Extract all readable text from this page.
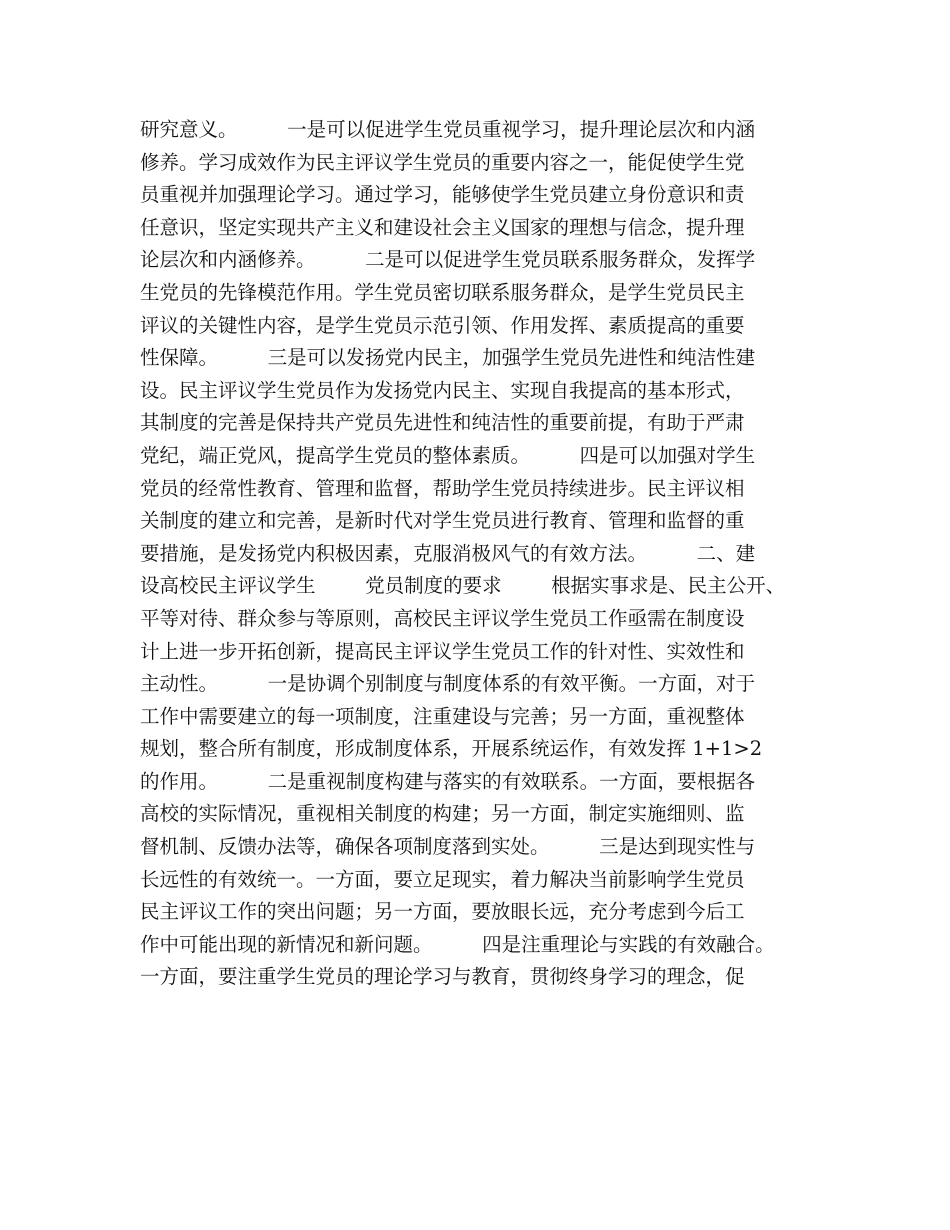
研究意义。        一是可以促进学生党员重视学习，提升理论层次和内涵
修养。学习成效作为民主评议学生党员的重要内容之一，能促使学生党
员重视并加强理论学习。通过学习，能够使学生党员建立身份意识和责
任意识，坚定实现共产主义和建设社会主义国家的理想与信念，提升理
论层次和内涵修养。        二是可以促进学生党员联系服务群众，发挥学
生党员的先锋模范作用。学生党员密切联系服务群众，是学生党员民主
评议的关键性内容，是学生党员示范引领、作用发挥、素质提高的重要
性保障。        三是可以发扬党内民主，加强学生党员先进性和纯洁性建
设。民主评议学生党员作为发扬党内民主、实现自我提高的基本形式，
其制度的完善是保持共产党员先进性和纯洁性的重要前提，有助于严肃
党纪，端正党风，提高学生党员的整体素质。        四是可以加强对学生
党员的经常性教育、管理和监督，帮助学生党员持续进步。民主评议相
关制度的建立和完善，是新时代对学生党员进行教育、管理和监督的重
要措施，是发扬党内积极因素，克服消极风气的有效方法。        二、建
设高校民主评议学生        党员制度的要求        根据实事求是、民主公开、
平等对待、群众参与等原则，高校民主评议学生党员工作亟需在制度设
计上进一步开拓创新，提高民主评议学生党员工作的针对性、实效性和
主动性。        一是协调个别制度与制度体系的有效平衡。一方面，对于
工作中需要建立的每一项制度，注重建设与完善；另一方面，重视整体
规划，整合所有制度，形成制度体系，开展系统运作，有效发挥 1+1>2
的作用。        二是重视制度构建与落实的有效联系。一方面，要根据各
高校的实际情况，重视相关制度的构建；另一方面，制定实施细则、监
督机制、反馈办法等，确保各项制度落到实处。        三是达到现实性与
长远性的有效统一。一方面，要立足现实，着力解决当前影响学生党员
民主评议工作的突出问题；另一方面，要放眼长远，充分考虑到今后工
作中可能出现的新情况和新问题。        四是注重理论与实践的有效融合。
一方面，要注重学生党员的理论学习与教育，贯彻终身学习的理念，促
